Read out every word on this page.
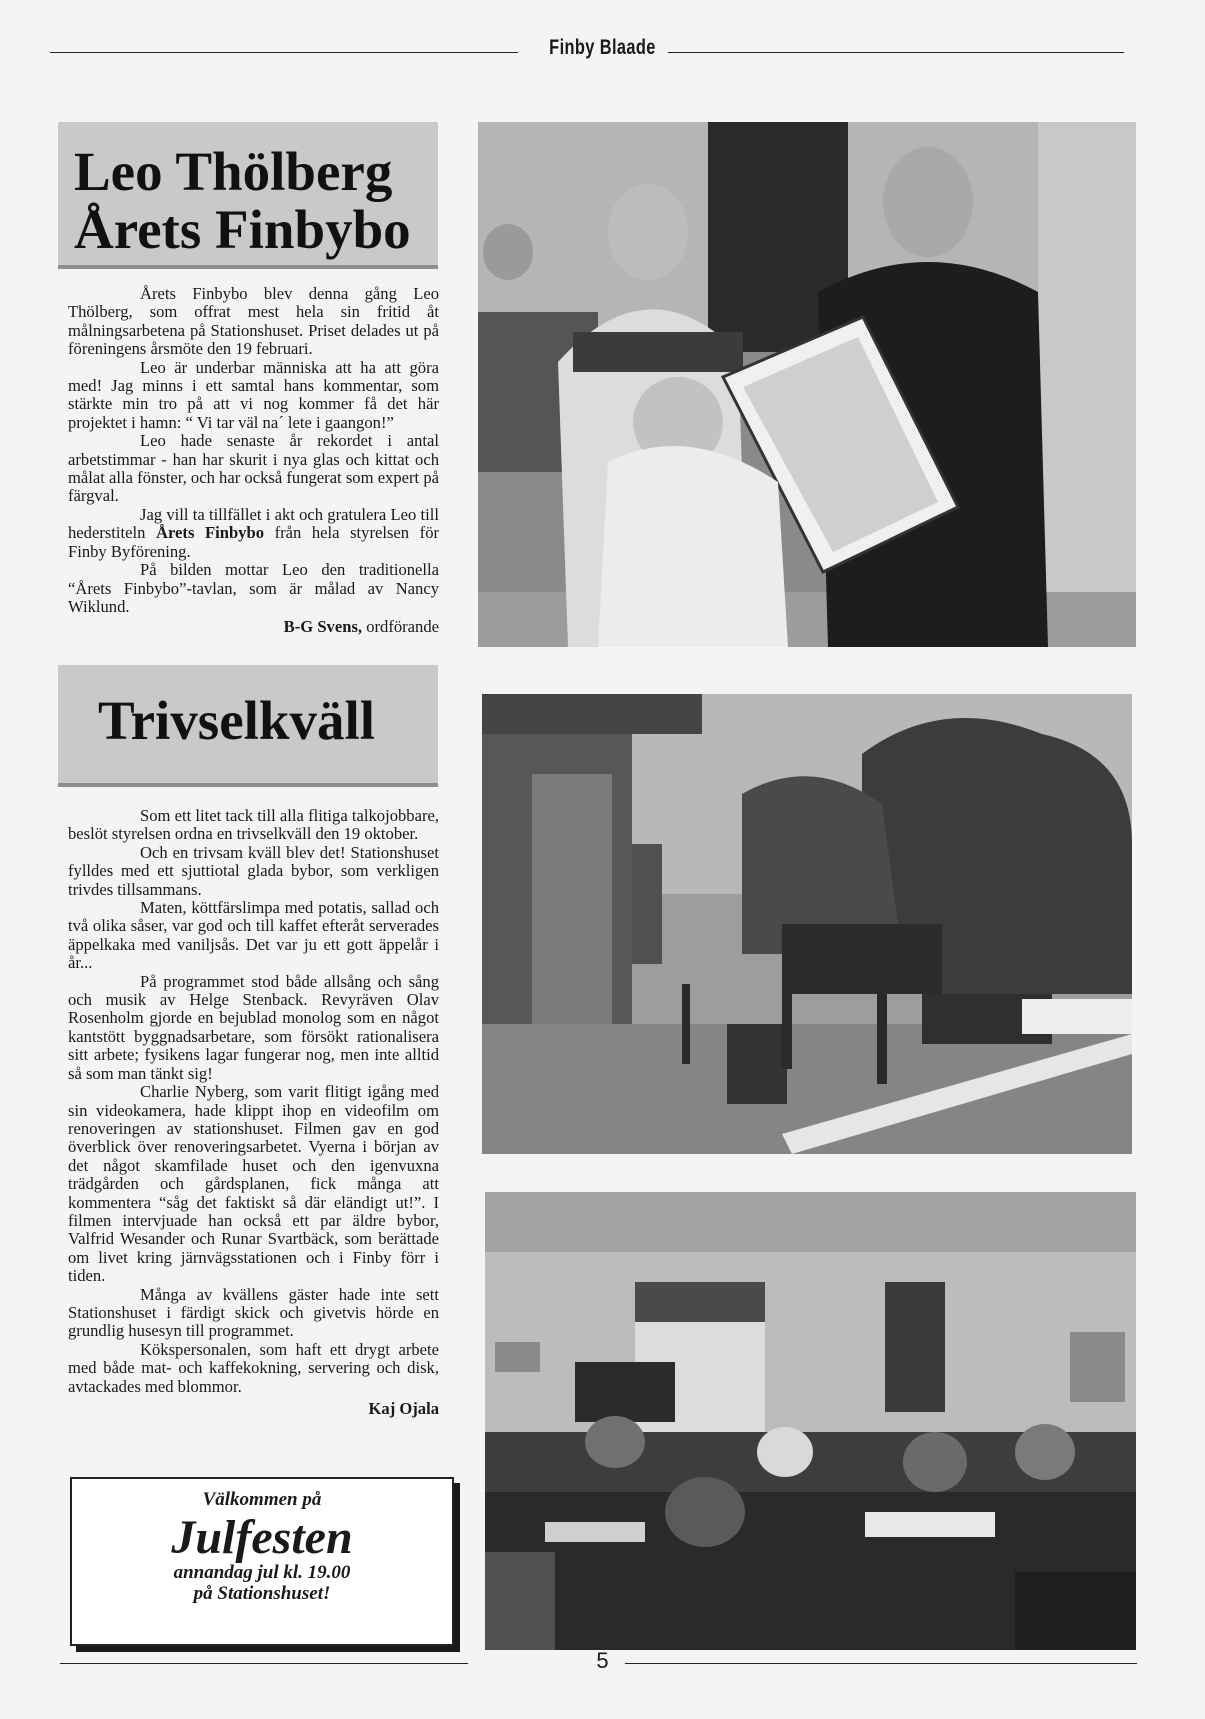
Finby Blaade
Leo Thölberg
Årets Finbybo

Årets Finbybo blev denna gång Leo Thölberg, som offrat mest hela sin fritid åt målningsarbetena på Stationshuset. Priset delades ut på föreningens årsmöte den 19 februari.

Leo är underbar människa att ha att göra med! Jag minns i ett samtal hans kommentar, som stärkte min tro på att vi nog kommer få det här projektet i hamn: “ Vi tar väl na´ lete i gaangon!”

Leo hade senaste år rekordet i antal arbetstimmar - han har skurit i nya glas och kittat och målat alla fönster, och har också fungerat som expert på färgval.

Jag vill ta tillfället i akt och gratulera Leo till hederstiteln Årets Finbybo från hela styrelsen för Finby Byförening.

På bilden mottar Leo den traditionella “Årets Finbybo”-tavlan, som är målad av Nancy Wiklund.

B-G Svens, ordförande
Trivselkväll

Som ett litet tack till alla flitiga talkojobbare, beslöt styrelsen ordna en trivselkväll den 19 oktober.

Och en trivsam kväll blev det! Stationshuset fylldes med ett sjuttiotal glada bybor, som verkligen trivdes tillsammans.

Maten, köttfärslimpa med potatis, sallad och två olika såser, var god och till kaffet efteråt serverades äppelkaka med vaniljsås. Det var ju ett gott äppelår i år...

På programmet stod både allsång och sång och musik av Helge Stenback. Revyräven Olav Rosenholm gjorde en bejublad monolog som en något kantstött byggnadsarbetare, som försökt rationalisera sitt arbete; fysikens lagar fungerar nog, men inte alltid så som man tänkt sig!

Charlie Nyberg, som varit flitigt igång med sin videokamera, hade klippt ihop en videofilm om renoveringen av stationshuset. Filmen gav en god överblick över renoveringsarbetet. Vyerna i början av det något skamfilade huset och den igenvuxna trädgården och gårdsplanen, fick många att kommentera “såg det faktiskt så där eländigt ut!”. I filmen intervjuade han också ett par äldre bybor, Valfrid Wesander och Runar Svartbäck, som berättade om livet kring järnvägsstationen och i Finby förr i tiden.

Många av kvällens gäster hade inte sett Stationshuset i färdigt skick och givetvis hörde en grundlig husesyn till programmet.

Kökspersonalen, som haft ett drygt arbete med både mat- och kaffekokning, servering och disk, avtackades med blommor.

Kaj Ojala
Välkommen på
Julfesten
annandag jul kl. 19.00
på Stationshuset!
5
